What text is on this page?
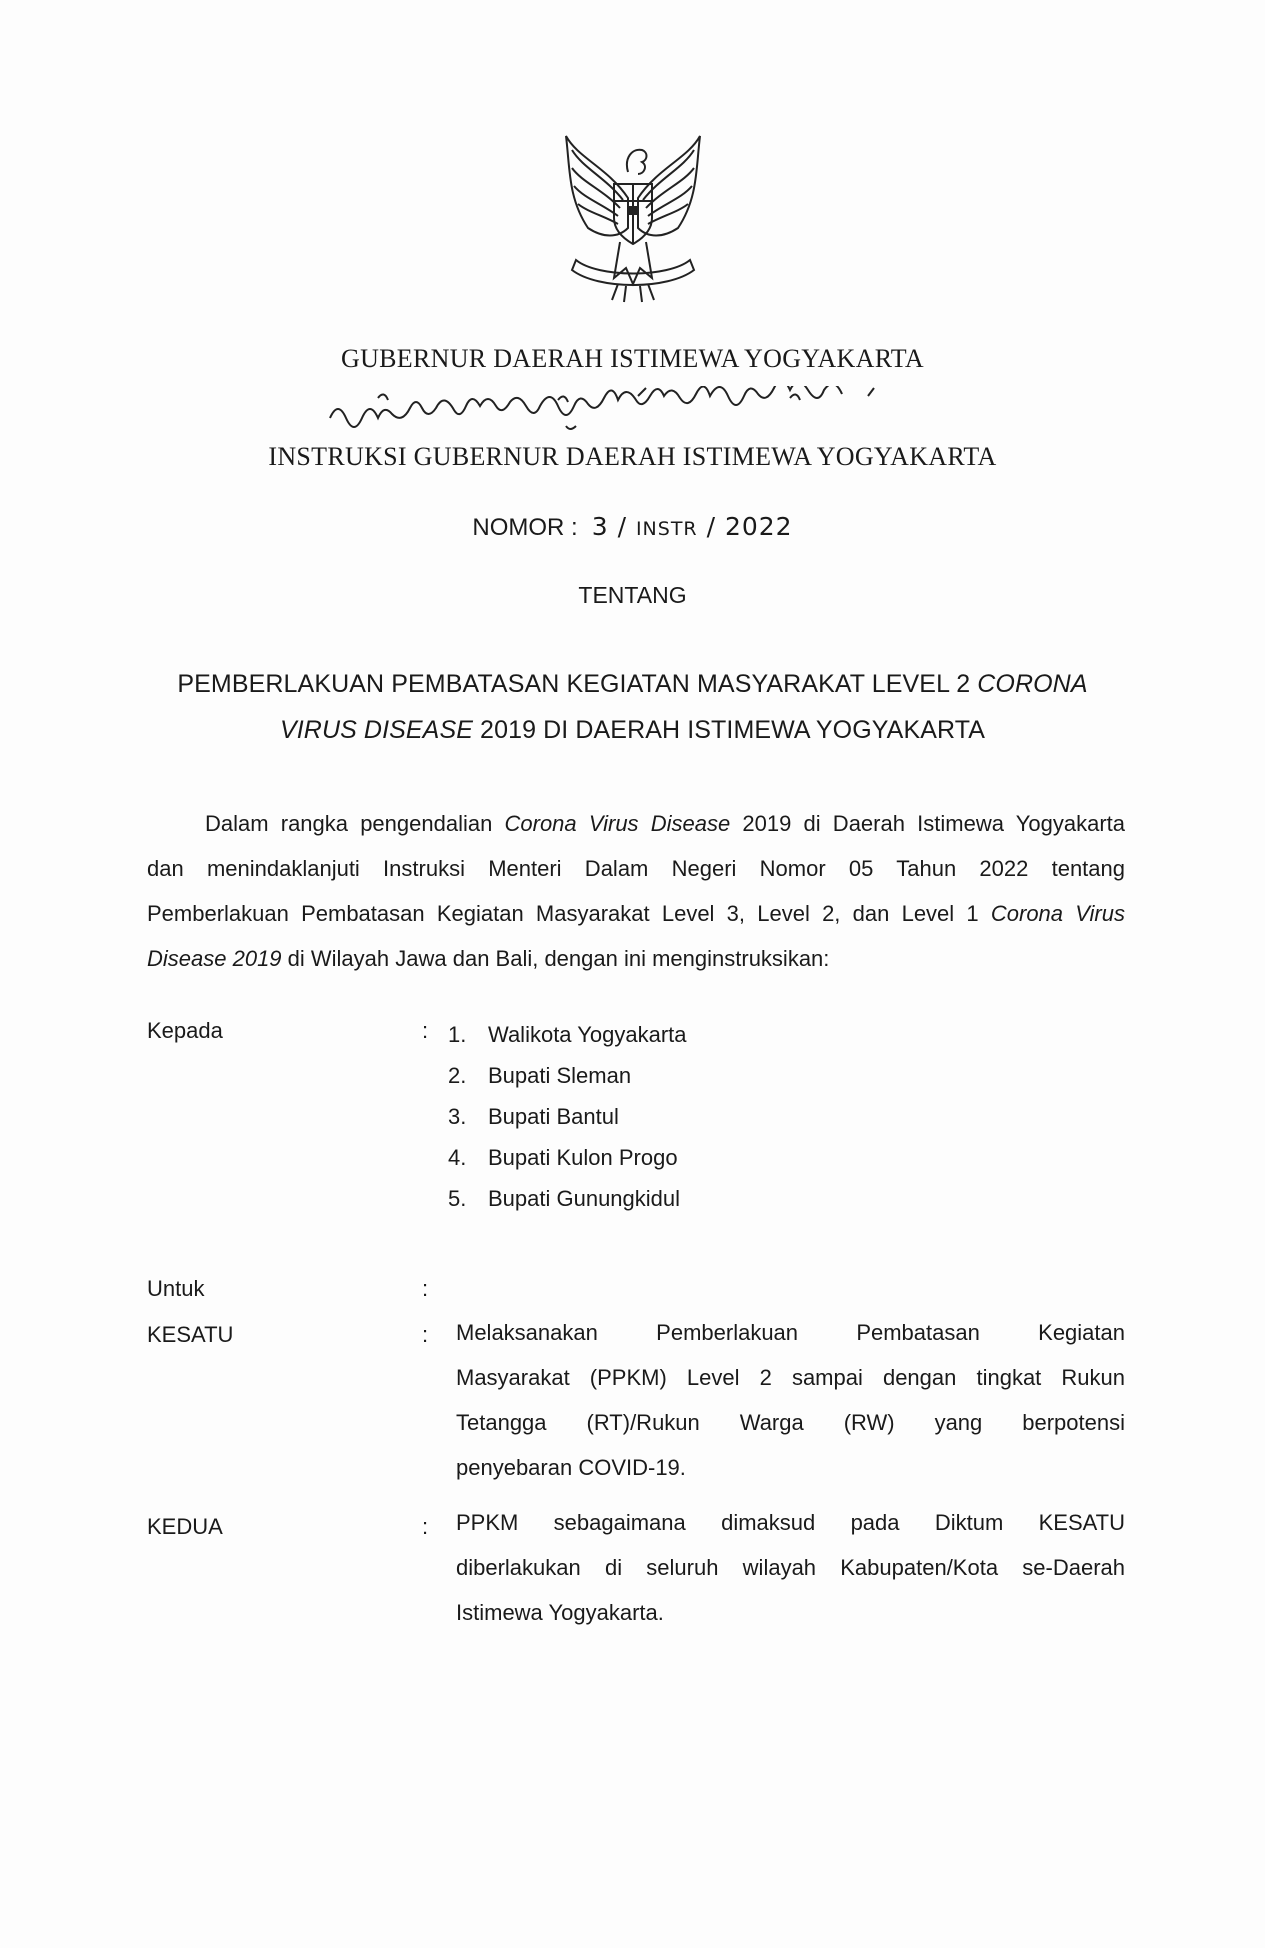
GUBERNUR DAERAH ISTIMEWA YOGYAKARTA
INSTRUKSI GUBERNUR DAERAH ISTIMEWA YOGYAKARTA
NOMOR : 3 / INSTR / 2022
TENTANG
PEMBERLAKUAN PEMBATASAN KEGIATAN MASYARAKAT LEVEL 2 CORONA
VIRUS DISEASE 2019 DI DAERAH ISTIMEWA YOGYAKARTA
Dalam rangka pengendalian Corona Virus Disease 2019 di Daerah Istimewa Yogyakarta
dan menindaklanjuti Instruksi Menteri Dalam Negeri Nomor 05 Tahun 2022 tentang
Pemberlakuan Pembatasan Kegiatan Masyarakat Level 3, Level 2, dan Level 1 Corona Virus
Disease 2019 di Wilayah Jawa dan Bali, dengan ini menginstruksikan:
Kepada	: 1. Walikota Yogyakarta
2. Bupati Sleman
3. Bupati Bantul
4. Bupati Kulon Progo
5. Bupati Gunungkidul
Untuk	:
KESATU	: Melaksanakan Pemberlakuan Pembatasan Kegiatan
Masyarakat (PPKM) Level 2 sampai dengan tingkat Rukun
Tetangga (RT)/Rukun Warga (RW) yang berpotensi
penyebaran COVID-19.
KEDUA	: PPKM sebagaimana dimaksud pada Diktum KESATU
diberlakukan di seluruh wilayah Kabupaten/Kota se-Daerah
Istimewa Yogyakarta.
